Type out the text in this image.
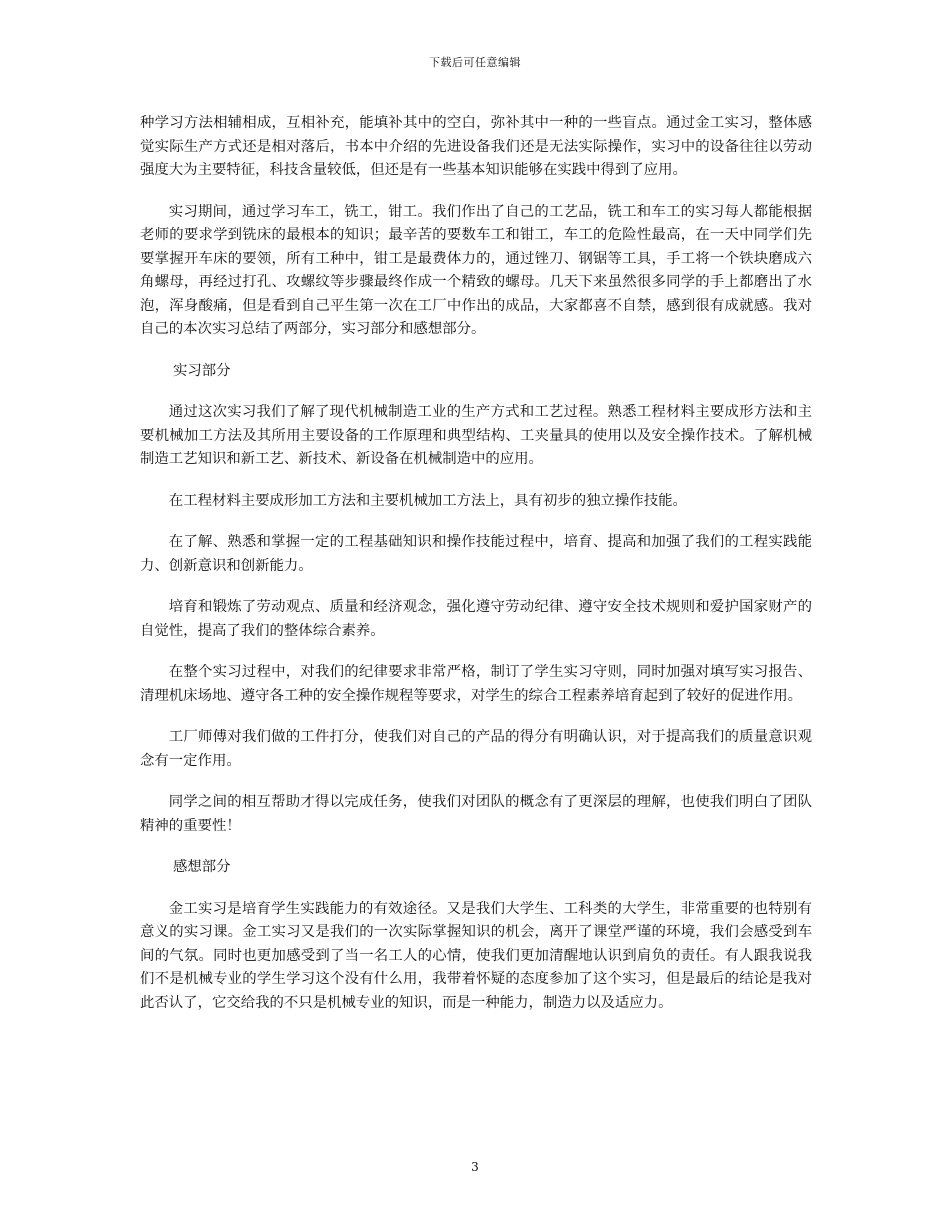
下载后可任意编辑

种学习方法相辅相成，互相补充，能填补其中的空白，弥补其中一种的一些盲点。通过金工实习，整体感觉实际生产方式还是相对落后，书本中介绍的先进设备我们还是无法实际操作，实习中的设备往往以劳动强度大为主要特征，科技含量较低，但还是有一些基本知识能够在实践中得到了应用。

实习期间，通过学习车工，铣工，钳工。我们作出了自己的工艺品，铣工和车工的实习每人都能根据老师的要求学到铣床的最根本的知识；最辛苦的要数车工和钳工，车工的危险性最高，在一天中同学们先要掌握开车床的要领，所有工种中，钳工是最费体力的，通过锉刀、钢锯等工具，手工将一个铁块磨成六角螺母，再经过打孔、攻螺纹等步骤最终作成一个精致的螺母。几天下来虽然很多同学的手上都磨出了水泡，浑身酸痛，但是看到自己平生第一次在工厂中作出的成品，大家都喜不自禁，感到很有成就感。我对自己的本次实习总结了两部分，实习部分和感想部分。

实习部分

通过这次实习我们了解了现代机械制造工业的生产方式和工艺过程。熟悉工程材料主要成形方法和主要机械加工方法及其所用主要设备的工作原理和典型结构、工夹量具的使用以及安全操作技术。了解机械制造工艺知识和新工艺、新技术、新设备在机械制造中的应用。

在工程材料主要成形加工方法和主要机械加工方法上，具有初步的独立操作技能。

在了解、熟悉和掌握一定的工程基础知识和操作技能过程中，培育、提高和加强了我们的工程实践能力、创新意识和创新能力。

培育和锻炼了劳动观点、质量和经济观念，强化遵守劳动纪律、遵守安全技术规则和爱护国家财产的自觉性，提高了我们的整体综合素养。

在整个实习过程中，对我们的纪律要求非常严格，制订了学生实习守则，同时加强对填写实习报告、清理机床场地、遵守各工种的安全操作规程等要求，对学生的综合工程素养培育起到了较好的促进作用。

工厂师傅对我们做的工件打分，使我们对自己的产品的得分有明确认识，对于提高我们的质量意识观念有一定作用。

同学之间的相互帮助才得以完成任务，使我们对团队的概念有了更深层的理解，也使我们明白了团队精神的重要性！

感想部分

金工实习是培育学生实践能力的有效途径。又是我们大学生、工科类的大学生，非常重要的也特别有意义的实习课。金工实习又是我们的一次实际掌握知识的机会，离开了课堂严谨的环境，我们会感受到车间的气氛。同时也更加感受到了当一名工人的心情，使我们更加清醒地认识到肩负的责任。有人跟我说我们不是机械专业的学生学习这个没有什么用，我带着怀疑的态度参加了这个实习，但是最后的结论是我对此否认了，它交给我的不只是机械专业的知识，而是一种能力，制造力以及适应力。

3
